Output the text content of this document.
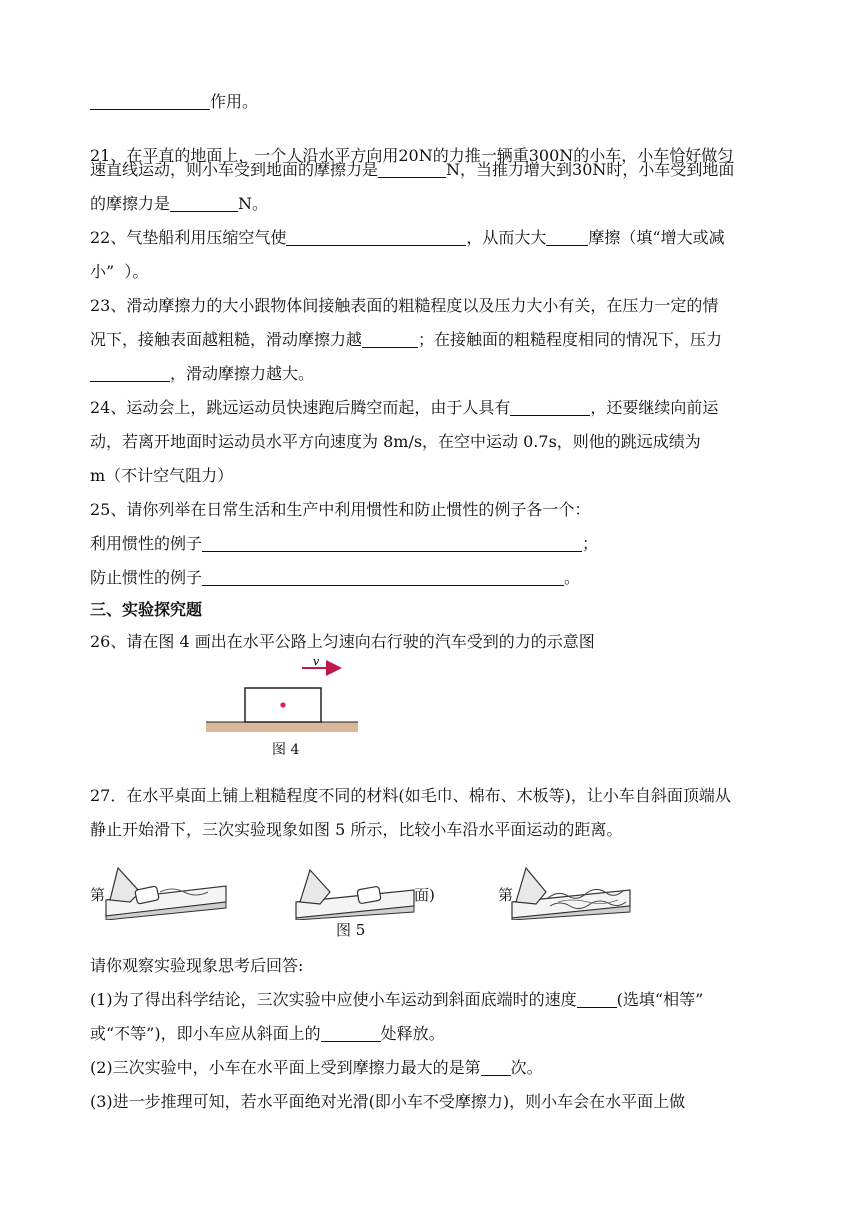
作用。
21、在平直的地面上，一个人沿水平方向用20N的力推一辆重300N的小车，小车恰好做匀
速直线运动，则小车受到地面的摩擦力是	N，当推力增大到30N时，小车受到地面
的摩擦力是	N。
22、气垫船利用压缩空气使	，从而大大	摩擦（填“增大或减
小”  ）。
23、滑动摩擦力的大小跟物体间接触表面的粗糙程度以及压力大小有关，在压力一定的情
况下，接触表面越粗糙，滑动摩擦力越	；在接触面的粗糙程度相同的情况下，压力
，滑动摩擦力越大。
24、运动会上，跳远运动员快速跑后腾空而起，由于人具有	，还要继续向前运
动，若离开地面时运动员水平方向速度为 8m/s，在空中运动 0.7s，则他的跳远成绩为
m（不计空气阻力）
25、请你列举在日常生活和生产中利用惯性和防止惯性的例子各一个：
利用惯性的例子	；
防止惯性的例子	。
三、实验探究题
26、请在图 4 画出在水平公路上匀速向右行驶的汽车受到的力的示意图
v
图 4
27．在水平桌面上铺上粗糙程度不同的材料(如毛巾、棉布、木板等)，让小车自斜面顶端从
静止开始滑下，三次实验现象如图 5 所示，比较小车沿水平面运动的距离。
第	面)	第
图 5
请你观察实验现象思考后回答:
(1)为了得出科学结论，三次实验中应使小车运动到斜面底端时的速度	(选填“相等”
或“不等”)，即小车应从斜面上的	处释放。
(2)三次实验中，小车在水平面上受到摩擦力最大的是第 次。
(3)进一步推理可知，若水平面绝对光滑(即小车不受摩擦力)，则小车会在水平面上做
